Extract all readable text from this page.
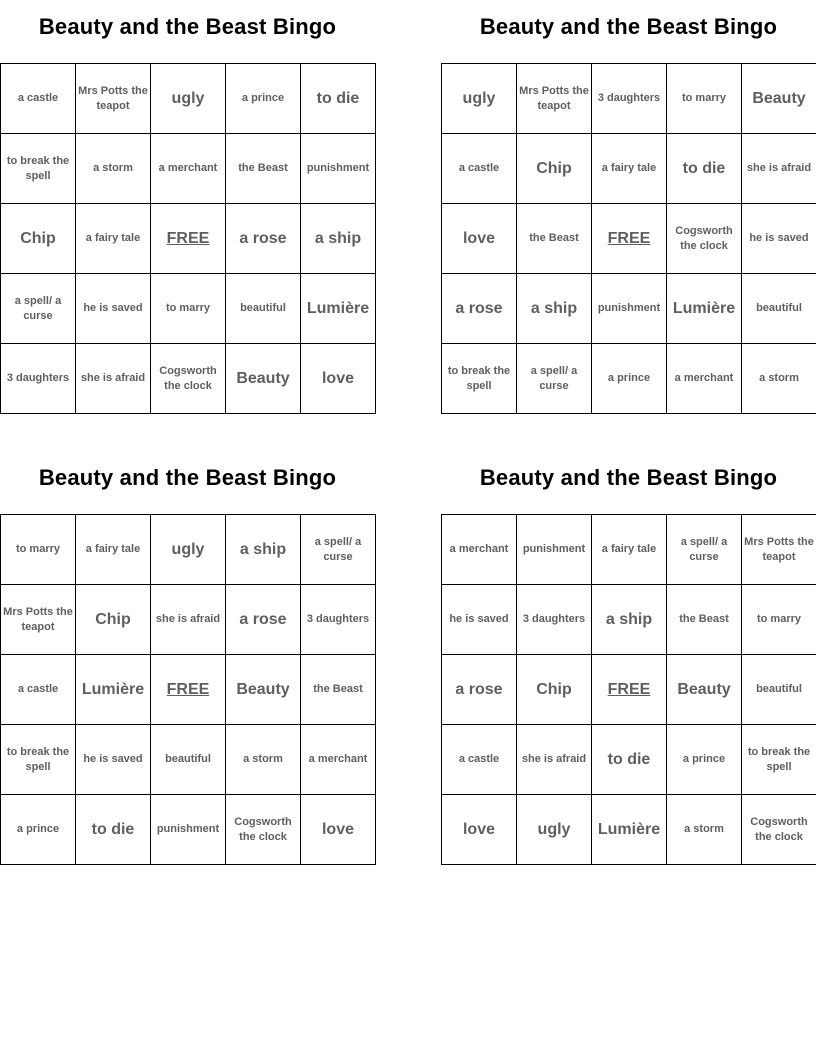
Beauty and the Beast Bingo
a castle	Mrs Potts the teapot	ugly	a prince	to die
to break the spell	a storm	a merchant	the Beast	punishment
Chip	a fairy tale	FREE	a rose	a ship
a spell/ a curse	he is saved	to marry	beautiful	Lumière
3 daughters	she is afraid	Cogsworth the clock	Beauty	love
Beauty and the Beast Bingo
ugly	Mrs Potts the teapot	3 daughters	to marry	Beauty
a castle	Chip	a fairy tale	to die	she is afraid
love	the Beast	FREE	Cogsworth the clock	he is saved
a rose	a ship	punishment	Lumière	beautiful
to break the spell	a spell/ a curse	a prince	a merchant	a storm
Beauty and the Beast Bingo
to marry	a fairy tale	ugly	a ship	a spell/ a curse
Mrs Potts the teapot	Chip	she is afraid	a rose	3 daughters
a castle	Lumière	FREE	Beauty	the Beast
to break the spell	he is saved	beautiful	a storm	a merchant
a prince	to die	punishment	Cogsworth the clock	love
Beauty and the Beast Bingo
a merchant	punishment	a fairy tale	a spell/ a curse	Mrs Potts the teapot
he is saved	3 daughters	a ship	the Beast	to marry
a rose	Chip	FREE	Beauty	beautiful
a castle	she is afraid	to die	a prince	to break the spell
love	ugly	Lumière	a storm	Cogsworth the clock
